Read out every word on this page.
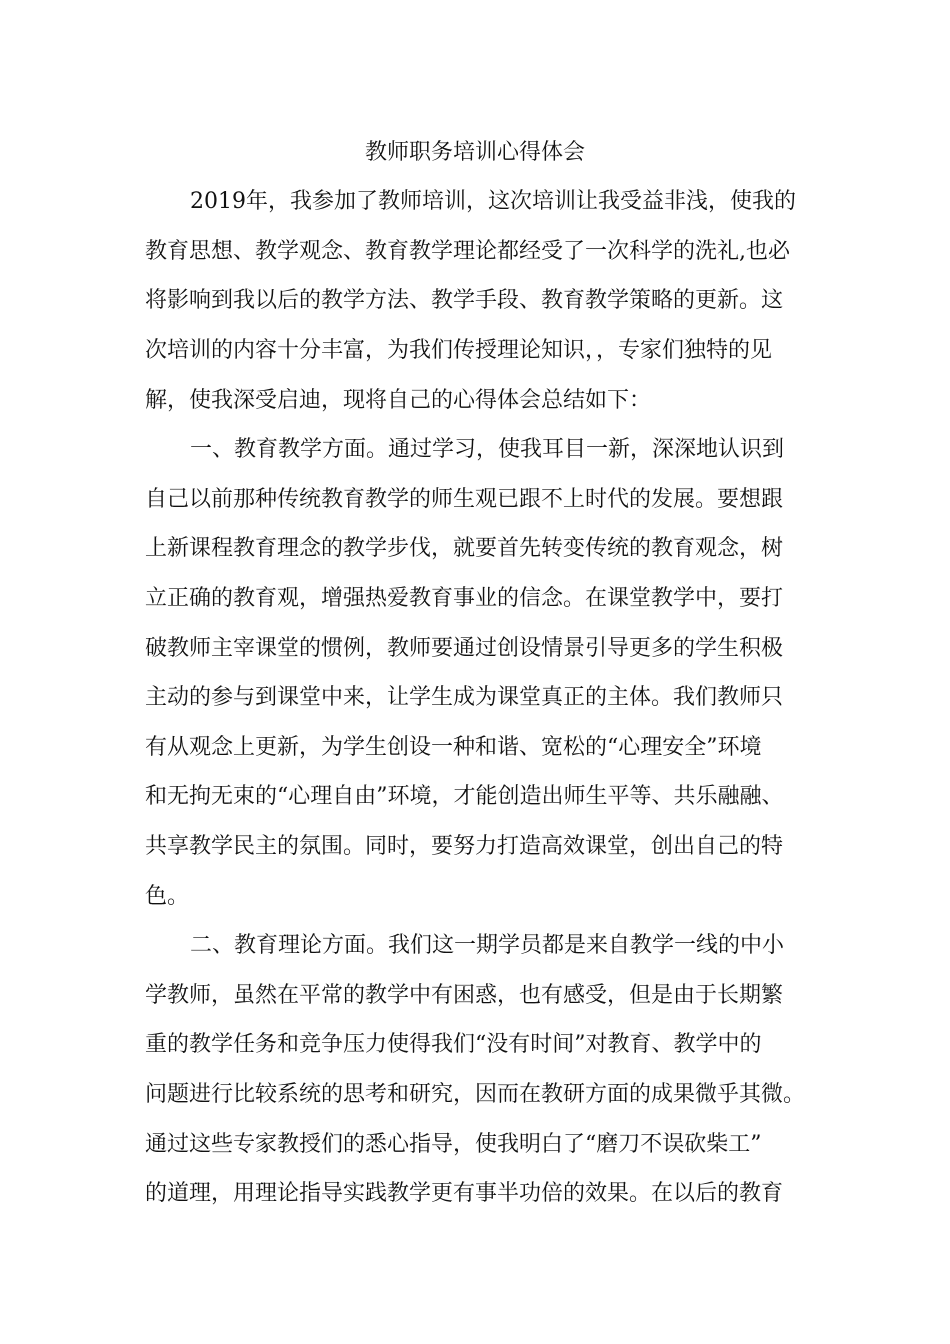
教师职务培训心得体会
2019年，我参加了教师培训，这次培训让我受益非浅，使我的
教育思想、教学观念、教育教学理论都经受了一次科学的洗礼,也必
将影响到我以后的教学方法、教学手段、教育教学策略的更新。这
次培训的内容十分丰富，为我们传授理论知识，，专家们独特的见
解，使我深受启迪，现将自己的心得体会总结如下：
一、教育教学方面。通过学习，使我耳目一新，深深地认识到
自己以前那种传统教育教学的师生观已跟不上时代的发展。要想跟
上新课程教育理念的教学步伐，就要首先转变传统的教育观念，树
立正确的教育观，增强热爱教育事业的信念。在课堂教学中，要打
破教师主宰课堂的惯例，教师要通过创设情景引导更多的学生积极
主动的参与到课堂中来，让学生成为课堂真正的主体。我们教师只
有从观念上更新，为学生创设一种和谐、宽松的“心理安全”环境
和无拘无束的“心理自由”环境，才能创造出师生平等、共乐融融、
共享教学民主的氛围。同时，要努力打造高效课堂，创出自己的特
色。
二、教育理论方面。我们这一期学员都是来自教学一线的中小
学教师，虽然在平常的教学中有困惑，也有感受，但是由于长期繁
重的教学任务和竞争压力使得我们“没有时间”对教育、教学中的
问题进行比较系统的思考和研究，因而在教研方面的成果微乎其微。
通过这些专家教授们的悉心指导，使我明白了“磨刀不误砍柴工”
的道理，用理论指导实践教学更有事半功倍的效果。在以后的教育
